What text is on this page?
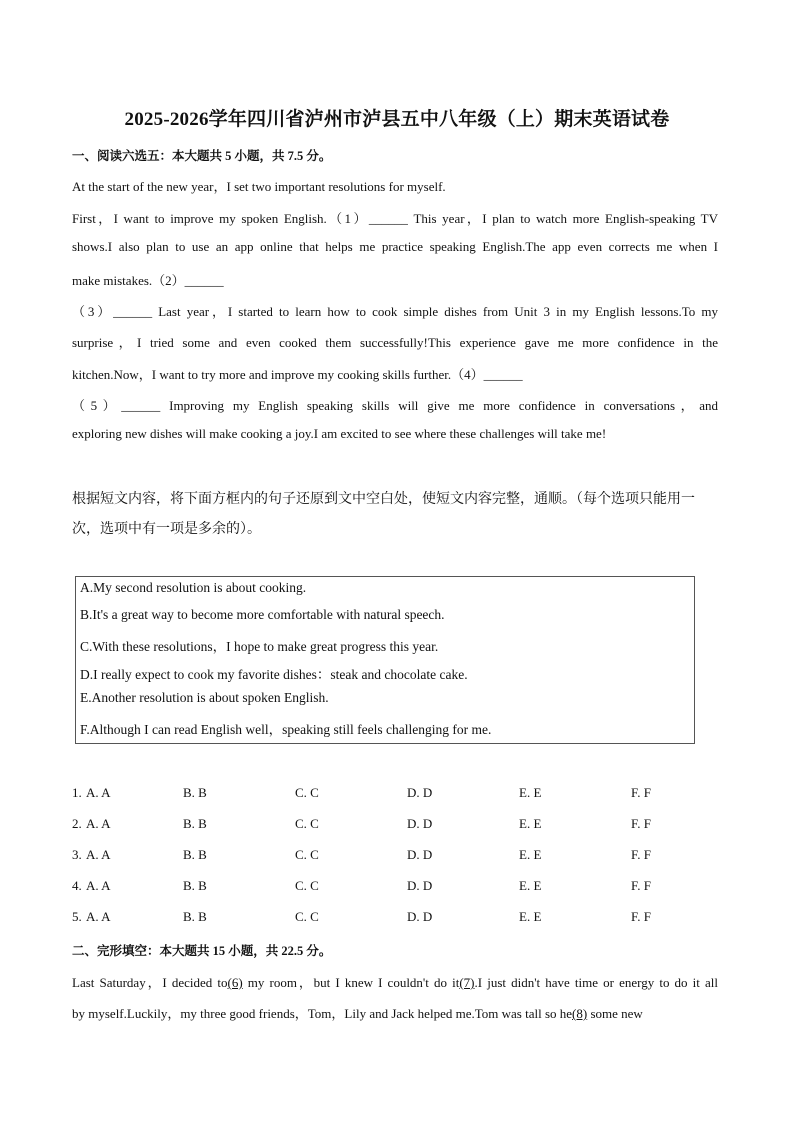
2025-2026学年四川省泸州市泸县五中八年级（上）期末英语试卷
一、阅读六选五：本大题共 5 小题，共 7.5 分。
At the start of the new year，I set two important resolutions for myself.
First，I want to improve my spoken English.（1）______ This year，I plan to watch more English-speaking TV
shows.I also plan to use an app online that helps me practice speaking English.The app even corrects me when I
make mistakes.（2）______
（3）______ Last year，I started to learn how to cook simple dishes from Unit 3 in my English lessons.To my
surprise，I tried some and even cooked them successfully!This experience gave me more confidence in the
kitchen.Now，I want to try more and improve my cooking skills further.（4）______
（5）______ Improving my English speaking skills will give me more confidence in conversations，and
exploring new dishes will make cooking a joy.I am excited to see where these challenges will take me!
根据短文内容，将下面方框内的句子还原到文中空白处，使短文内容完整，通顺。（每个选项只能用一
次，选项中有一项是多余的）。
A.My second resolution is about cooking.
B.It's a great way to become more comfortable with natural speech.
C.With these resolutions，I hope to make great progress this year.
D.I really expect to cook my favorite dishes：steak and chocolate cake.
E.Another resolution is about spoken English.
F.Although I can read English well，speaking still feels challenging for me.
1. A. A	B. B	C. C	D. D	E. E	F. F
2. A. A	B. B	C. C	D. D	E. E	F. F
3. A. A	B. B	C. C	D. D	E. E	F. F
4. A. A	B. B	C. C	D. D	E. E	F. F
5. A. A	B. B	C. C	D. D	E. E	F. F
二、完形填空：本大题共 15 小题，共 22.5 分。
Last Saturday，I decided to(6) my room，but I knew I couldn't do it(7).I just didn't have time or energy to do it all
by myself.Luckily，my three good friends，Tom，Lily and Jack helped me.Tom was tall so he(8) some new
